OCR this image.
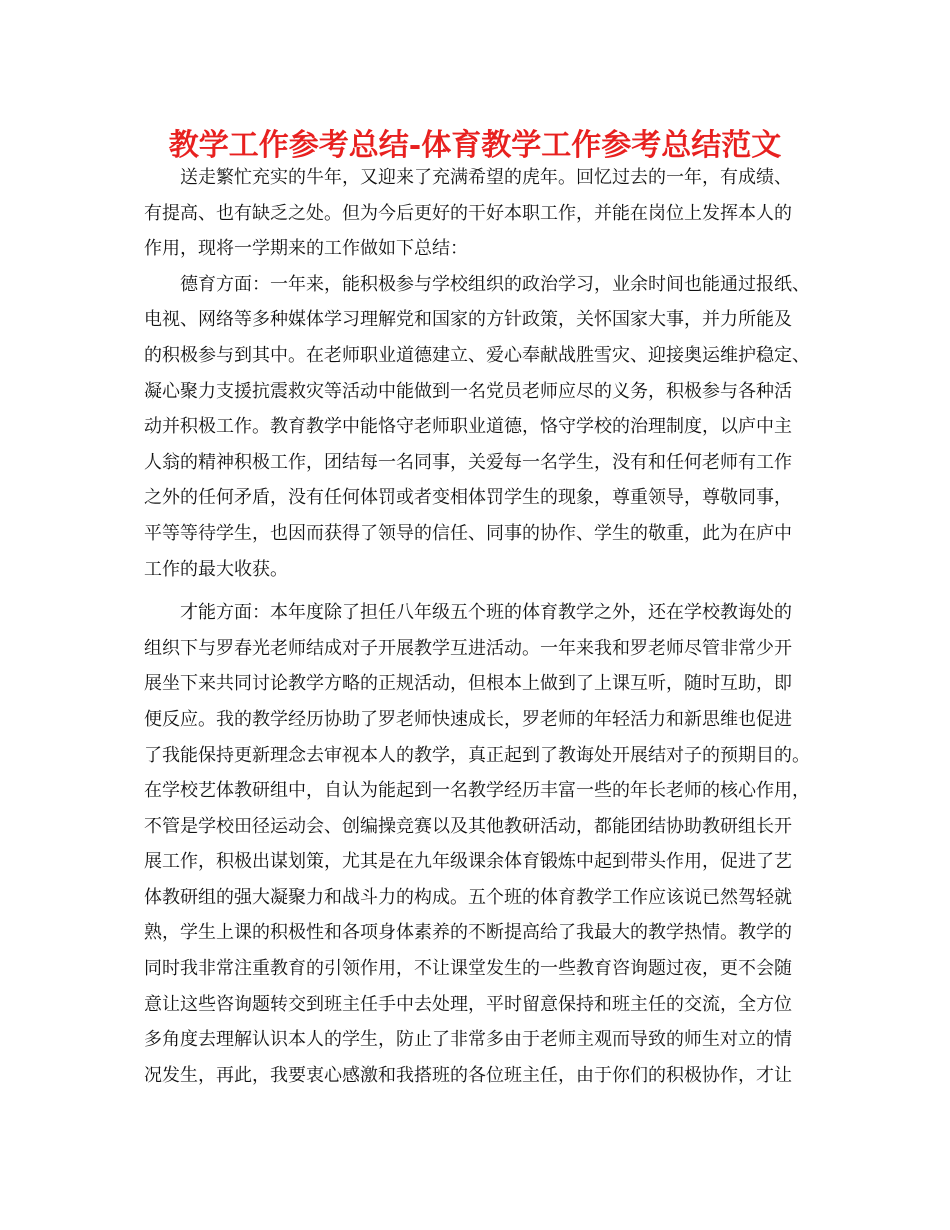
教学工作参考总结-体育教学工作参考总结范文
送走繁忙充实的牛年，又迎来了充满希望的虎年。回忆过去的一年，有成绩、
有提高、也有缺乏之处。但为今后更好的干好本职工作，并能在岗位上发挥本人的
作用，现将一学期来的工作做如下总结：
德育方面：一年来，能积极参与学校组织的政治学习，业余时间也能通过报纸、
电视、网络等多种媒体学习理解党和国家的方针政策，关怀国家大事，并力所能及
的积极参与到其中。在老师职业道德建立、爱心奉献战胜雪灾、迎接奥运维护稳定、
凝心聚力支援抗震救灾等活动中能做到一名党员老师应尽的义务，积极参与各种活
动并积极工作。教育教学中能恪守老师职业道德，恪守学校的治理制度，以庐中主
人翁的精神积极工作，团结每一名同事，关爱每一名学生，没有和任何老师有工作
之外的任何矛盾，没有任何体罚或者变相体罚学生的现象，尊重领导，尊敬同事，
平等等待学生，也因而获得了领导的信任、同事的协作、学生的敬重，此为在庐中
工作的最大收获。
才能方面：本年度除了担任八年级五个班的体育教学之外，还在学校教诲处的
组织下与罗春光老师结成对子开展教学互进活动。一年来我和罗老师尽管非常少开
展坐下来共同讨论教学方略的正规活动，但根本上做到了上课互听，随时互助，即
便反应。我的教学经历协助了罗老师快速成长，罗老师的年轻活力和新思维也促进
了我能保持更新理念去审视本人的教学，真正起到了教诲处开展结对子的预期目的。
在学校艺体教研组中，自认为能起到一名教学经历丰富一些的年长老师的核心作用，
不管是学校田径运动会、创编操竞赛以及其他教研活动，都能团结协助教研组长开
展工作，积极出谋划策，尤其是在九年级课余体育锻炼中起到带头作用，促进了艺
体教研组的强大凝聚力和战斗力的构成。五个班的体育教学工作应该说已然驾轻就
熟，学生上课的积极性和各项身体素养的不断提高给了我最大的教学热情。教学的
同时我非常注重教育的引领作用，不让课堂发生的一些教育咨询题过夜，更不会随
意让这些咨询题转交到班主任手中去处理，平时留意保持和班主任的交流，全方位
多角度去理解认识本人的学生，防止了非常多由于老师主观而导致的师生对立的情
况发生，再此，我要衷心感激和我搭班的各位班主任，由于你们的积极协作，才让
